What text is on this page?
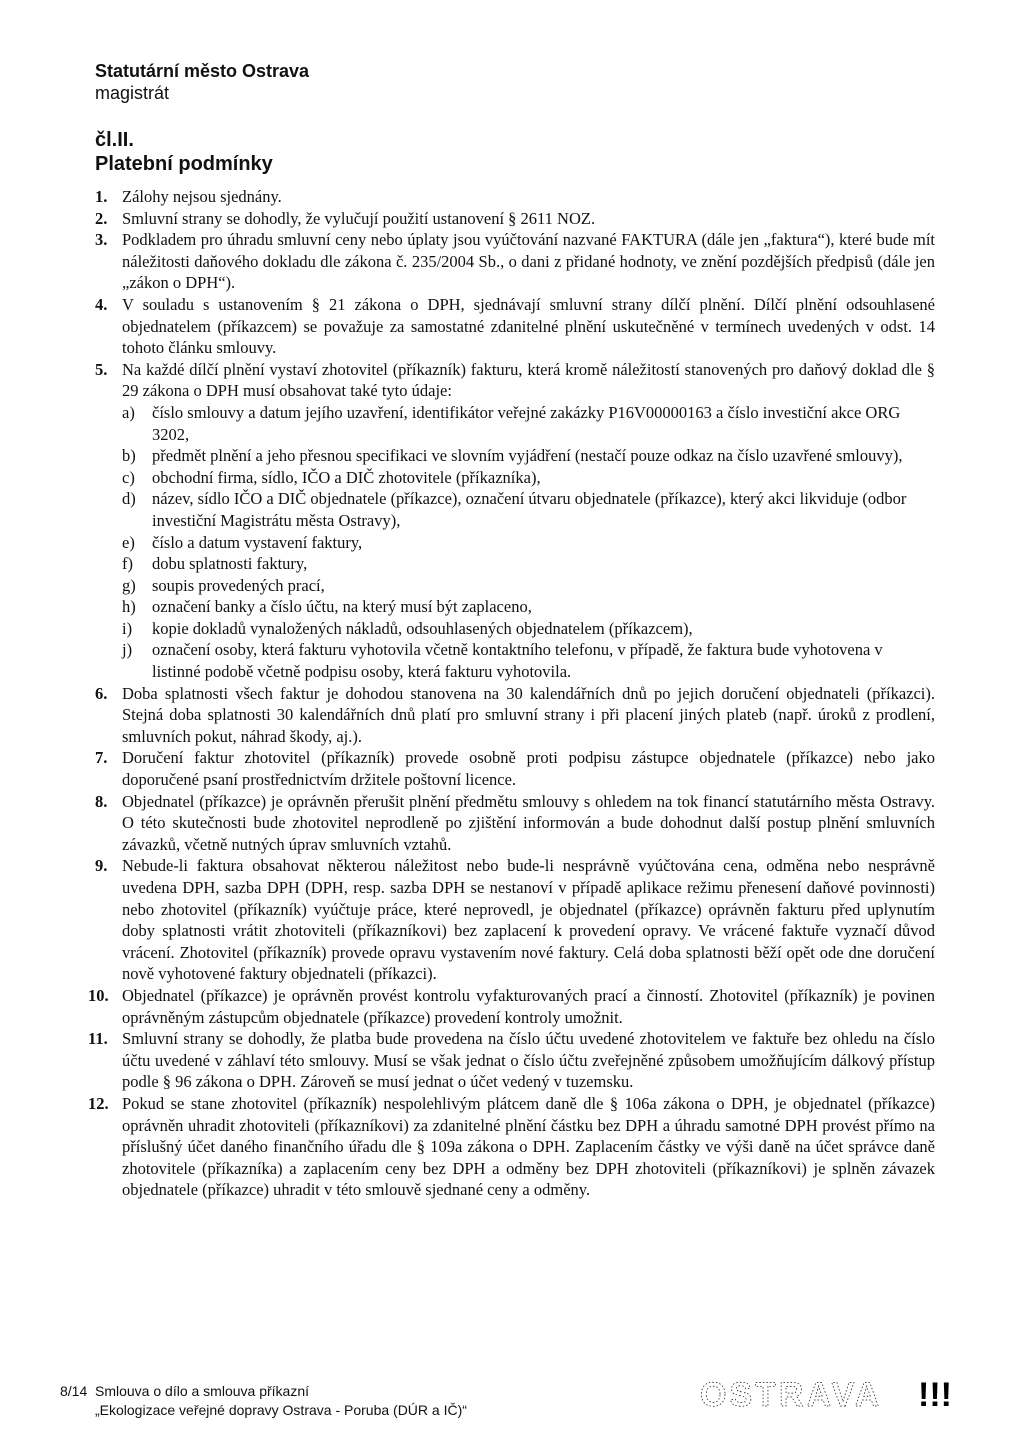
Statutární město Ostrava
magistrát
čl.II.
Platební podmínky
1. Zálohy nejsou sjednány.
2. Smluvní strany se dohodly, že vylučují použití ustanovení § 2611 NOZ.
3. Podkladem pro úhradu smluvní ceny nebo úplaty jsou vyúčtování nazvané FAKTURA (dále jen „faktura“), které bude mít náležitosti daňového dokladu dle zákona č. 235/2004 Sb., o dani z přidané hodnoty, ve znění pozdějších předpisů (dále jen „zákon o DPH“).
4. V souladu s ustanovením § 21 zákona o DPH, sjednávají smluvní strany dílčí plnění. Dílčí plnění odsouhlasené objednatelem (příkazcem) se považuje za samostatné zdanitelné plnění uskutečněné v termínech uvedených v odst. 14 tohoto článku smlouvy.
5. Na každé dílčí plnění vystaví zhotovitel (příkazník) fakturu, která kromě náležitostí stanovených pro daňový doklad dle § 29 zákona o DPH musí obsahovat také tyto údaje:
a) číslo smlouvy a datum jejího uzavření, identifikátor veřejné zakázky P16V00000163 a číslo investiční akce ORG 3202,
b) předmět plnění a jeho přesnou specifikaci ve slovním vyjádření (nestačí pouze odkaz na číslo uzavřené smlouvy),
c) obchodní firma, sídlo, IČO a DIČ zhotovitele (příkazníka),
d) název, sídlo IČO a DIČ objednatele (příkazce), označení útvaru objednatele (příkazce), který akci likviduje (odbor investiční Magistrátu města Ostravy),
e) číslo a datum vystavení faktury,
f) dobu splatnosti faktury,
g) soupis provedených prací,
h) označení banky a číslo účtu, na který musí být zaplaceno,
i) kopie dokladů vynaložených nákladů, odsouhlasených objednatelem (příkazcem),
j) označení osoby, která fakturu vyhotovila včetně kontaktního telefonu, v případě, že faktura bude vyhotovena v listinné podobě včetně podpisu osoby, která fakturu vyhotovila.
6. Doba splatnosti všech faktur je dohodou stanovena na 30 kalendářních dnů po jejich doručení objednateli (příkazci). Stejná doba splatnosti 30 kalendářních dnů platí pro smluvní strany i při placení jiných plateb (např. úroků z prodlení, smluvních pokut, náhrad škody, aj.).
7. Doručení faktur zhotovitel (příkazník) provede osobně proti podpisu zástupce objednatele (příkazce) nebo jako doporučené psaní prostřednictvím držitele poštovní licence.
8. Objednatel (příkazce) je oprávněn přerušit plnění předmětu smlouvy s ohledem na tok financí statutárního města Ostravy. O této skutečnosti bude zhotovitel neprodleně po zjištění informován a bude dohodnut další postup plnění smluvních závazků, včetně nutných úprav smluvních vztahů.
9. Nebude-li faktura obsahovat některou náležitost nebo bude-li nesprávně vyúčtována cena, odměna nebo nesprávně uvedena DPH, sazba DPH (DPH, resp. sazba DPH se nestanoví v případě aplikace režimu přenesení daňové povinnosti) nebo zhotovitel (příkazník) vyúčtuje práce, které neprovedl, je objednatel (příkazce) oprávněn fakturu před uplynutím doby splatnosti vrátit zhotoviteli (příkazníkovi) bez zaplacení k provedení opravy. Ve vrácené faktuře vyznačí důvod vrácení. Zhotovitel (příkazník) provede opravu vystavením nové faktury. Celá doba splatnosti běží opět ode dne doručení nově vyhotovené faktury objednateli (příkazci).
10. Objednatel (příkazce) je oprávněn provést kontrolu vyfakturovaných prací a činností. Zhotovitel (příkazník) je povinen oprávněným zástupcům objednatele (příkazce) provedení kontroly umožnit.
11. Smluvní strany se dohodly, že platba bude provedena na číslo účtu uvedené zhotovitelem ve faktuře bez ohledu na číslo účtu uvedené v záhlaví této smlouvy. Musí se však jednat o číslo účtu zveřejněné způsobem umožňujícím dálkový přístup podle § 96 zákona o DPH. Zároveň se musí jednat o účet vedený v tuzemsku.
12. Pokud se stane zhotovitel (příkazník) nespolehlivým plátcem daně dle § 106a zákona o DPH, je objednatel (příkazce) oprávněn uhradit zhotoviteli (příkazníkovi) za zdanitelné plnění částku bez DPH a úhradu samotné DPH provést přímo na příslušný účet daného finančního úřadu dle § 109a zákona o DPH. Zaplacením částky ve výši daně na účet správce daně zhotovitele (příkazníka) a zaplacením ceny bez DPH a odměny bez DPH zhotoviteli (příkazníkovi) je splněn závazek objednatele (příkazce) uhradit v této smlouvě sjednané ceny a odměny.
8/14 Smlouva o dílo a smlouva příkazní
„Ekologizace veřejné dopravy Ostrava - Poruba (DÚR a IČ)“	OSTRAVA !!!
